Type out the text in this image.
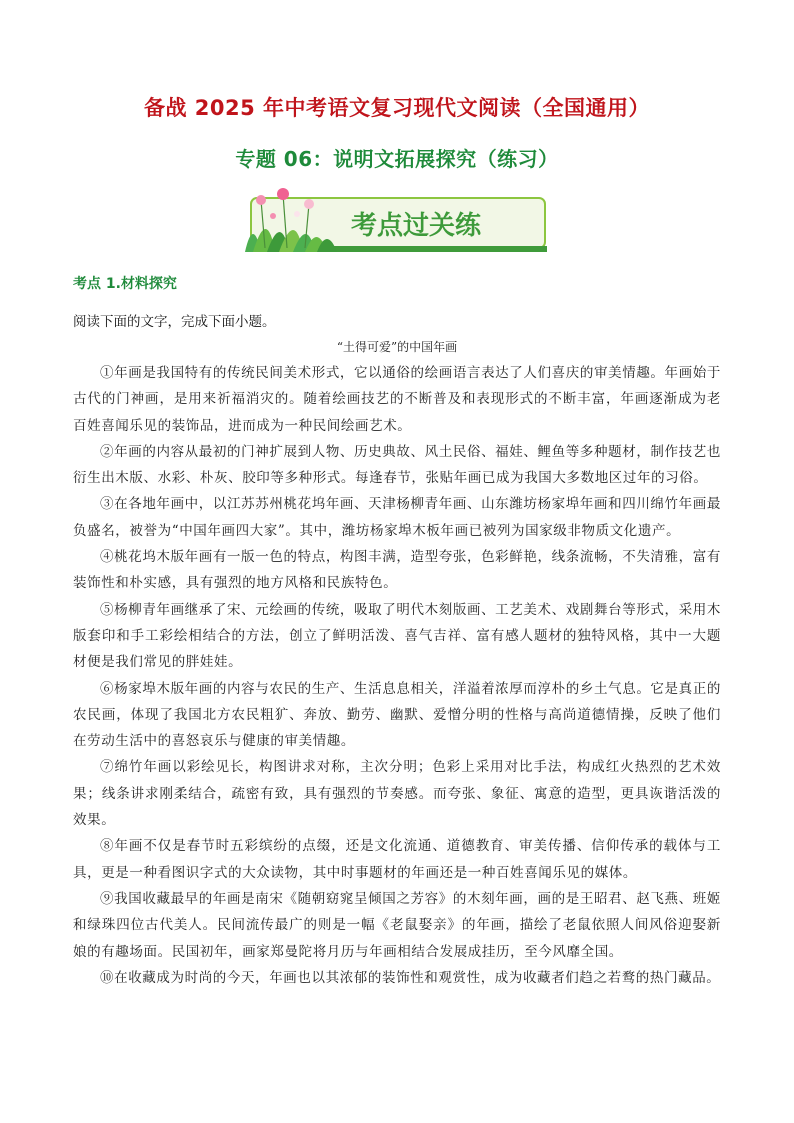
备战 2025 年中考语文复习现代文阅读（全国通用）
专题 06：说明文拓展探究（练习）
考点过关练
考点 1.材料探究
阅读下面的文字，完成下面小题。
“土得可爱”的中国年画

①年画是我国特有的传统民间美术形式，它以通俗的绘画语言表达了人们喜庆的审美情趣。年画始于古代的门神画，是用来祈福消灾的。随着绘画技艺的不断普及和表现形式的不断丰富，年画逐渐成为老百姓喜闻乐见的装饰品，进而成为一种民间绘画艺术。

②年画的内容从最初的门神扩展到人物、历史典故、风土民俗、福娃、鲤鱼等多种题材，制作技艺也衍生出木版、水彩、朴灰、胶印等多种形式。每逢春节，张贴年画已成为我国大多数地区过年的习俗。

③在各地年画中，以江苏苏州桃花坞年画、天津杨柳青年画、山东潍坊杨家埠年画和四川绵竹年画最负盛名，被誉为“中国年画四大家”。其中，潍坊杨家埠木板年画已被列为国家级非物质文化遗产。

④桃花坞木版年画有一版一色的特点，构图丰满，造型夸张，色彩鲜艳，线条流畅，不失清雅，富有装饰性和朴实感，具有强烈的地方风格和民族特色。

⑤杨柳青年画继承了宋、元绘画的传统，吸取了明代木刻版画、工艺美术、戏剧舞台等形式，采用木版套印和手工彩绘相结合的方法，创立了鲜明活泼、喜气吉祥、富有感人题材的独特风格，其中一大题材便是我们常见的胖娃娃。

⑥杨家埠木版年画的内容与农民的生产、生活息息相关，洋溢着浓厚而淳朴的乡土气息。它是真正的农民画，体现了我国北方农民粗犷、奔放、勤劳、幽默、爱憎分明的性格与高尚道德情操，反映了他们在劳动生活中的喜怒哀乐与健康的审美情趣。

⑦绵竹年画以彩绘见长，构图讲求对称，主次分明；色彩上采用对比手法，构成红火热烈的艺术效果；线条讲求刚柔结合，疏密有致，具有强烈的节奏感。而夸张、象征、寓意的造型，更具诙谐活泼的效果。

⑧年画不仅是春节时五彩缤纷的点缀，还是文化流通、道德教育、审美传播、信仰传承的载体与工具，更是一种看图识字式的大众读物，其中时事题材的年画还是一种百姓喜闻乐见的媒体。

⑨我国收藏最早的年画是南宋《随朝窈窕呈倾国之芳容》的木刻年画，画的是王昭君、赵飞燕、班姬和绿珠四位古代美人。民间流传最广的则是一幅《老鼠娶亲》的年画，描绘了老鼠依照人间风俗迎娶新娘的有趣场面。民国初年，画家郑曼陀将月历与年画相结合发展成挂历，至今风靡全国。

⑩在收藏成为时尚的今天，年画也以其浓郁的装饰性和观赏性，成为收藏者们趋之若鹜的热门藏品。
